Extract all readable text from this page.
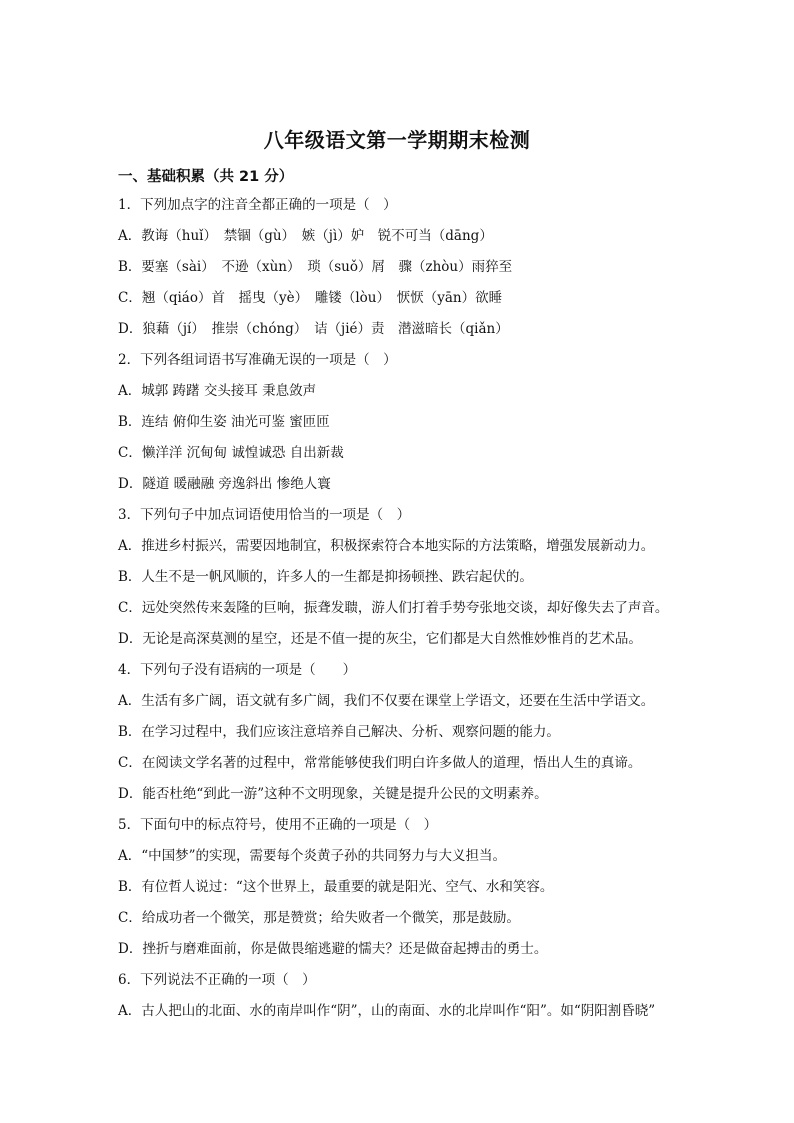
八年级语文第一学期期末检测
一、基础积累（共 21 分）
1．下列加点字的注音全都正确的一项是（　）
A．教诲（huǐ）　禁锢（gù）　嫉（jì）妒　锐不可当（dāng）
B．要塞（sài）　不逊（xùn）　琐（suǒ）屑　骤（zhòu）雨猝至
C．翘（qiáo）首　摇曳（yè）　雕镂（lòu）　恹恹（yān）欲睡
D．狼藉（jí）　推崇（chóng）　诘（jié）责　潜滋暗长（qiǎn）
2．下列各组词语书写准确无误的一项是（　）
A．城郭 踌躇 交头接耳 秉息敛声
B．连结 俯仰生姿 油光可鉴 蜜匝匝
C．懒洋洋 沉甸甸 诚惶诚恐 自出新裁
D．隧道 暖融融 旁逸斜出 惨绝人寰
3．下列句子中加点词语使用恰当的一项是（　）
A．推进乡村振兴，需要因地制宜，积极探索符合本地实际的方法策略，增强发展新动力。
B．人生不是一帆风顺的，许多人的一生都是抑扬顿挫、跌宕起伏的。
C．远处突然传来轰隆的巨响，振聋发聩，游人们打着手势夸张地交谈，却好像失去了声音。
D．无论是高深莫测的星空，还是不值一提的灰尘，它们都是大自然惟妙惟肖的艺术品。
4．下列句子没有语病的一项是（　　）
A．生活有多广阔，语文就有多广阔，我们不仅要在课堂上学语文，还要在生活中学语文。
B．在学习过程中，我们应该注意培养自己解决、分析、观察问题的能力。
C．在阅读文学名著的过程中，常常能够使我们明白许多做人的道理，悟出人生的真谛。
D．能否杜绝“到此一游”这种不文明现象，关键是提升公民的文明素养。
5．下面句中的标点符号，使用不正确的一项是（　）
A．“中国梦”的实现，需要每个炎黄子孙的共同努力与大义担当。
B．有位哲人说过：“这个世界上，最重要的就是阳光、空气、水和笑容。
C．给成功者一个微笑，那是赞赏；给失败者一个微笑，那是鼓励。
D．挫折与磨难面前，你是做畏缩逃避的懦夫？还是做奋起搏击的勇士。
6．下列说法不正确的一项（　）
A．古人把山的北面、水的南岸叫作“阴”，山的南面、水的北岸叫作“阳”。如“阴阳割昏晓”
